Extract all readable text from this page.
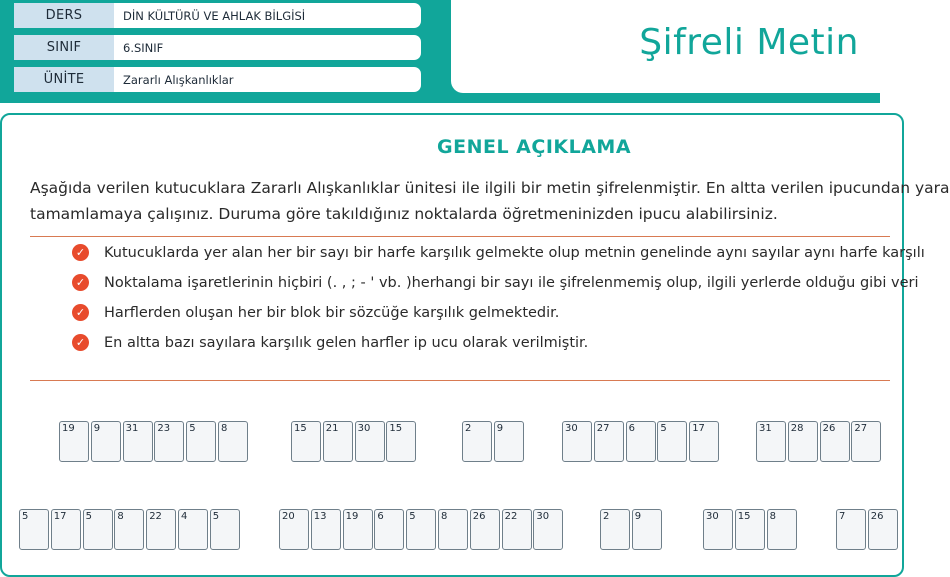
DERS	DİN KÜLTÜRÜ VE AHLAK BİLGİSİ
SINIF	6.SINIF
ÜNİTE	Zararlı Alışkanlıklar
Şifreli Metin
GENEL AÇIKLAMA
Aşağıda verilen kutucuklara Zararlı Alışkanlıklar ünitesi ile ilgili bir metin şifrelenmiştir. En altta verilen ipucundan yara
tamamlamaya çalışınız. Duruma göre takıldığınız noktalarda öğretmeninizden ipucu alabilirsiniz.
✓ Kutucuklarda yer alan her bir sayı bir harfe karşılık gelmekte olup metnin genelinde aynı sayılar aynı harfe karşılı
✓ Noktalama işaretlerinin hiçbiri (. , ; - ' vb. )herhangi bir sayı ile şifrelenmemiş olup, ilgili yerlerde olduğu gibi veri
✓ Harflerden oluşan her bir blok bir sözcüğe karşılık gelmektedir.
✓ En altta bazı sayılara karşılık gelen harfler ip ucu olarak verilmiştir.
19 9	31 23 5	8	15 21 30 15	2	9	30 27 6	5	17	31 28 26 27
5	17 5	8	22 4	5	20 13 19 6	5	8	26 22 30	2	9	30 15 8	7	26
